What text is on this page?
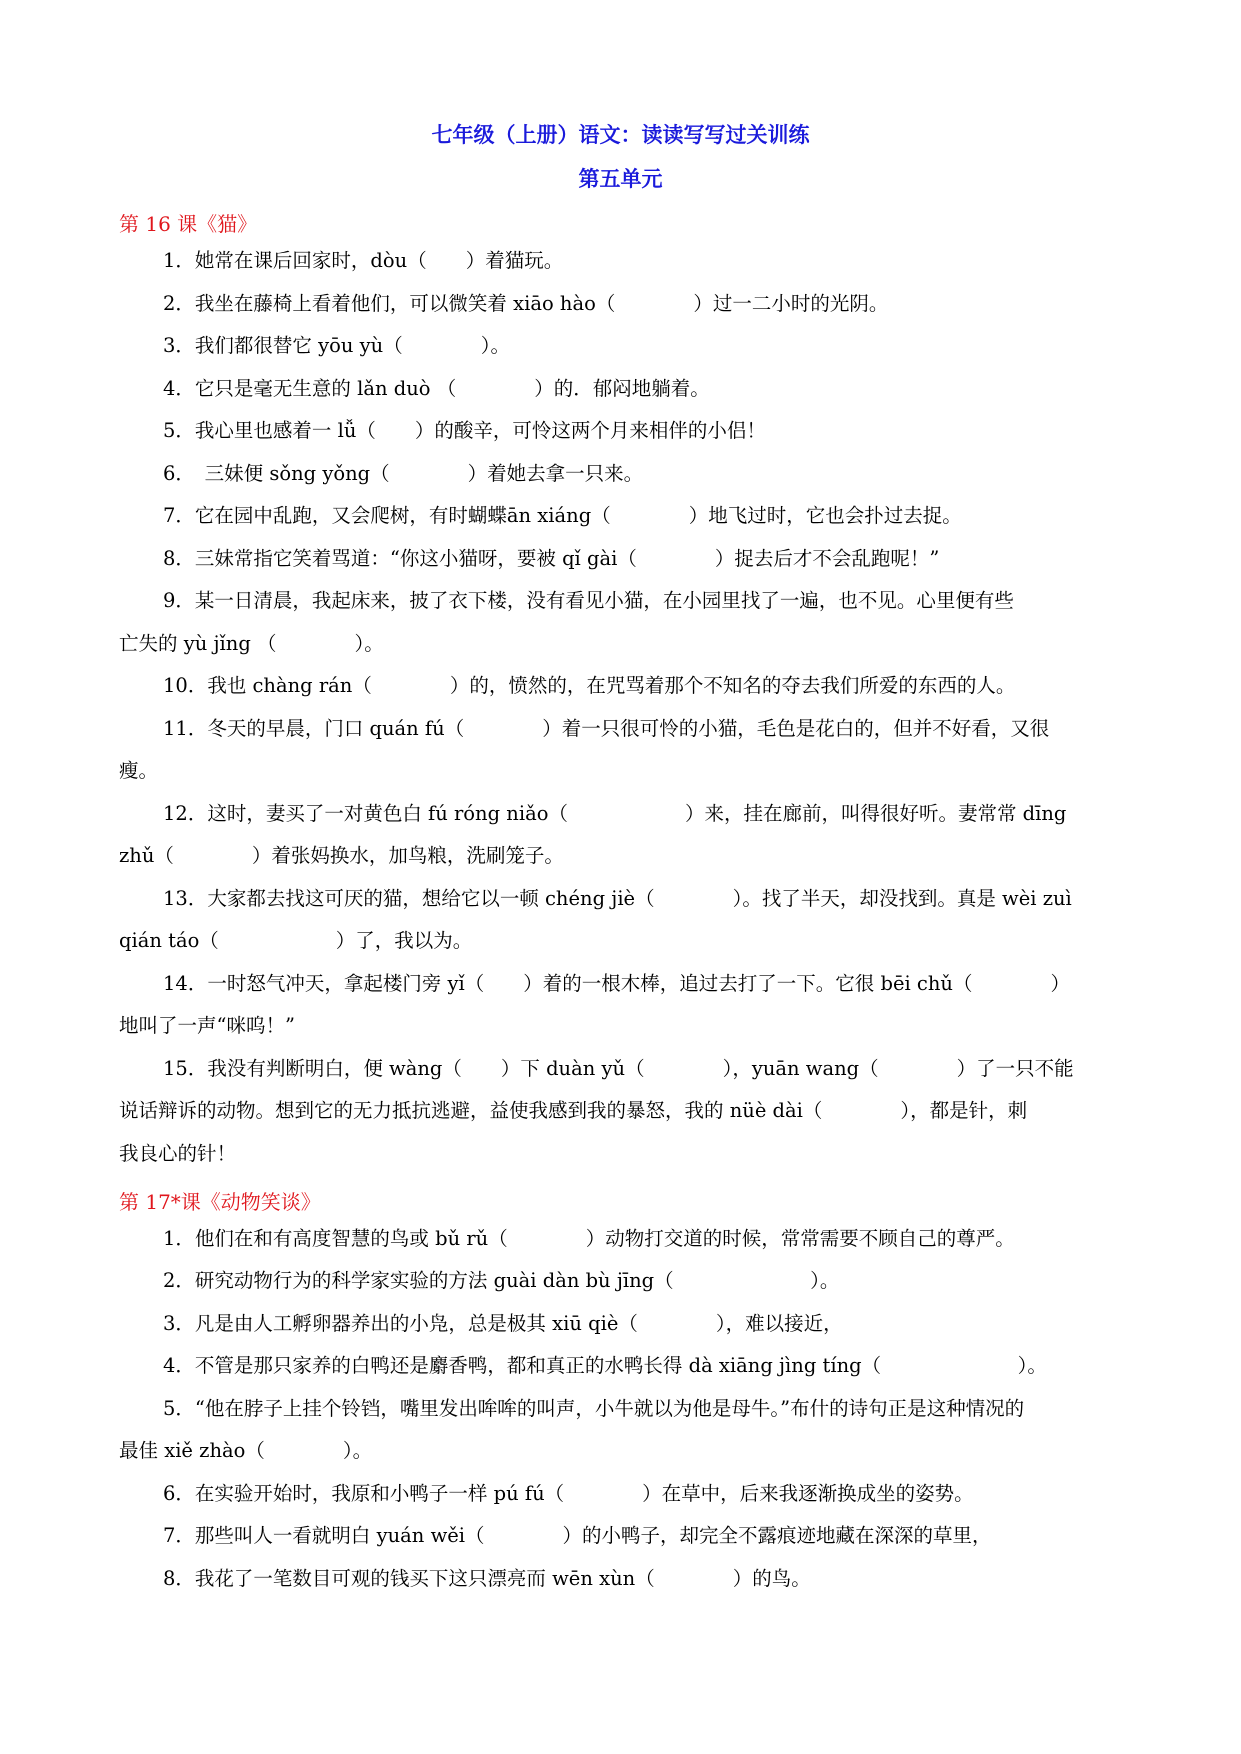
七年级（上册）语文：读读写写过关训练
第五单元
第 16 课《猫》
1．她常在课后回家时，dòu（　　）着猫玩。
2．我坐在藤椅上看着他们，可以微笑着 xiāo hào（　　　　）过一二小时的光阴。
3．我们都很替它 yōu yù（　　　　）。
4．它只是毫无生意的 lǎn duò （　　　　）的．郁闷地躺着。
5．我心里也感着一 lǚ（　　）的酸辛，可怜这两个月来相伴的小侣！
6．　三妹便 sǒng yǒng（　　　　）着她去拿一只来。
7．它在园中乱跑，又会爬树，有时蝴蝶ān xiáng（　　　　）地飞过时，它也会扑过去捉。
8．三妹常指它笑着骂道：“你这小猫呀，要被 qǐ gài（　　　　）捉去后才不会乱跑呢！”
9．某一日清晨，我起床来，披了衣下楼，没有看见小猫，在小园里找了一遍，也不见。心里便有些
亡失的 yù jǐng （　　　　）。
10．我也 chàng rán（　　　　）的，愤然的，在咒骂着那个不知名的夺去我们所爱的东西的人。
11．冬天的早晨，门口 quán fú（　　　　）着一只很可怜的小猫，毛色是花白的，但并不好看，又很
瘦。
12．这时，妻买了一对黄色白 fú róng niǎo（　　　　　　）来，挂在廊前，叫得很好听。妻常常 dīng
zhǔ（　　　　）着张妈换水，加鸟粮，洗刷笼子。
13．大家都去找这可厌的猫，想给它以一顿 chéng jiè（　　　　）。找了半天，却没找到。真是 wèi zuì
qián táo（　　　　　　）了，我以为。
14．一时怒气冲天，拿起楼门旁 yǐ（　　）着的一根木棒，追过去打了一下。它很 bēi chǔ（　　　　）
地叫了一声“咪呜！”
15．我没有判断明白，便 wàng（　　）下 duàn yǔ（　　　　），yuān wang（　　　　）了一只不能
说话辩诉的动物。想到它的无力抵抗逃避，益使我感到我的暴怒，我的 nüè dài（　　　　），都是针，刺
我良心的针！
第 17*课《动物笑谈》
1．他们在和有高度智慧的鸟或 bǔ rǔ（　　　　）动物打交道的时候，常常需要不顾自己的尊严。
2．研究动物行为的科学家实验的方法 guài dàn bù jīng（　　　　　　　）。
3．凡是由人工孵卵器养出的小凫，总是极其 xiū qiè（　　　　），难以接近，
4．不管是那只家养的白鸭还是麝香鸭，都和真正的水鸭长得 dà xiāng jìng tíng（　　　　　　　）。
5．“他在脖子上挂个铃铛，嘴里发出哞哞的叫声，小牛就以为他是母牛。”布什的诗句正是这种情况的
最佳 xiě zhào（　　　　）。
6．在实验开始时，我原和小鸭子一样 pú fú（　　　　）在草中，后来我逐渐换成坐的姿势。
7．那些叫人一看就明白 yuán wěi（　　　　）的小鸭子，却完全不露痕迹地藏在深深的草里，
8．我花了一笔数目可观的钱买下这只漂亮而 wēn xùn（　　　　）的鸟。
